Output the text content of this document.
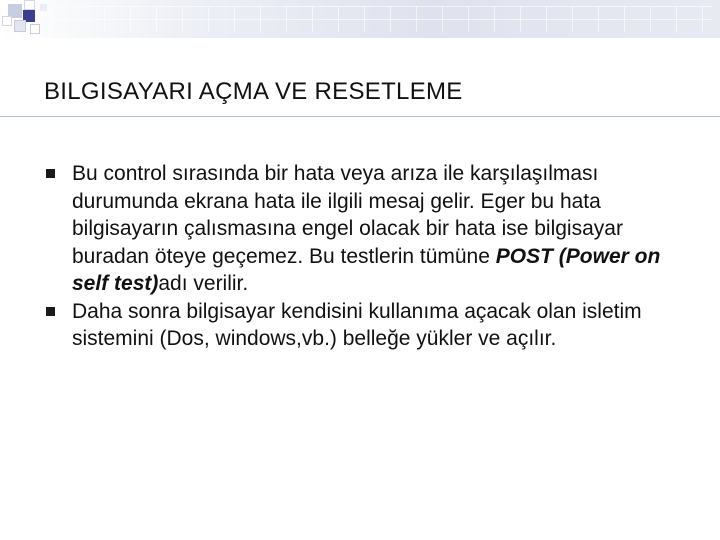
BILGISAYARI AÇMA VE RESETLEME
Bu control sırasında bir hata veya arıza ile karşılaşılması durumunda ekrana hata ile ilgili mesaj gelir. Eger bu hata bilgisayarın çalısmasına engel olacak bir hata ise bilgisayar buradan öteye geçemez. Bu testlerin tümüne POST (Power on self test)adı verilir.
Daha sonra bilgisayar kendisini kullanıma açacak olan isletim sistemini (Dos, windows,vb.) belleğe yükler ve açılır.
